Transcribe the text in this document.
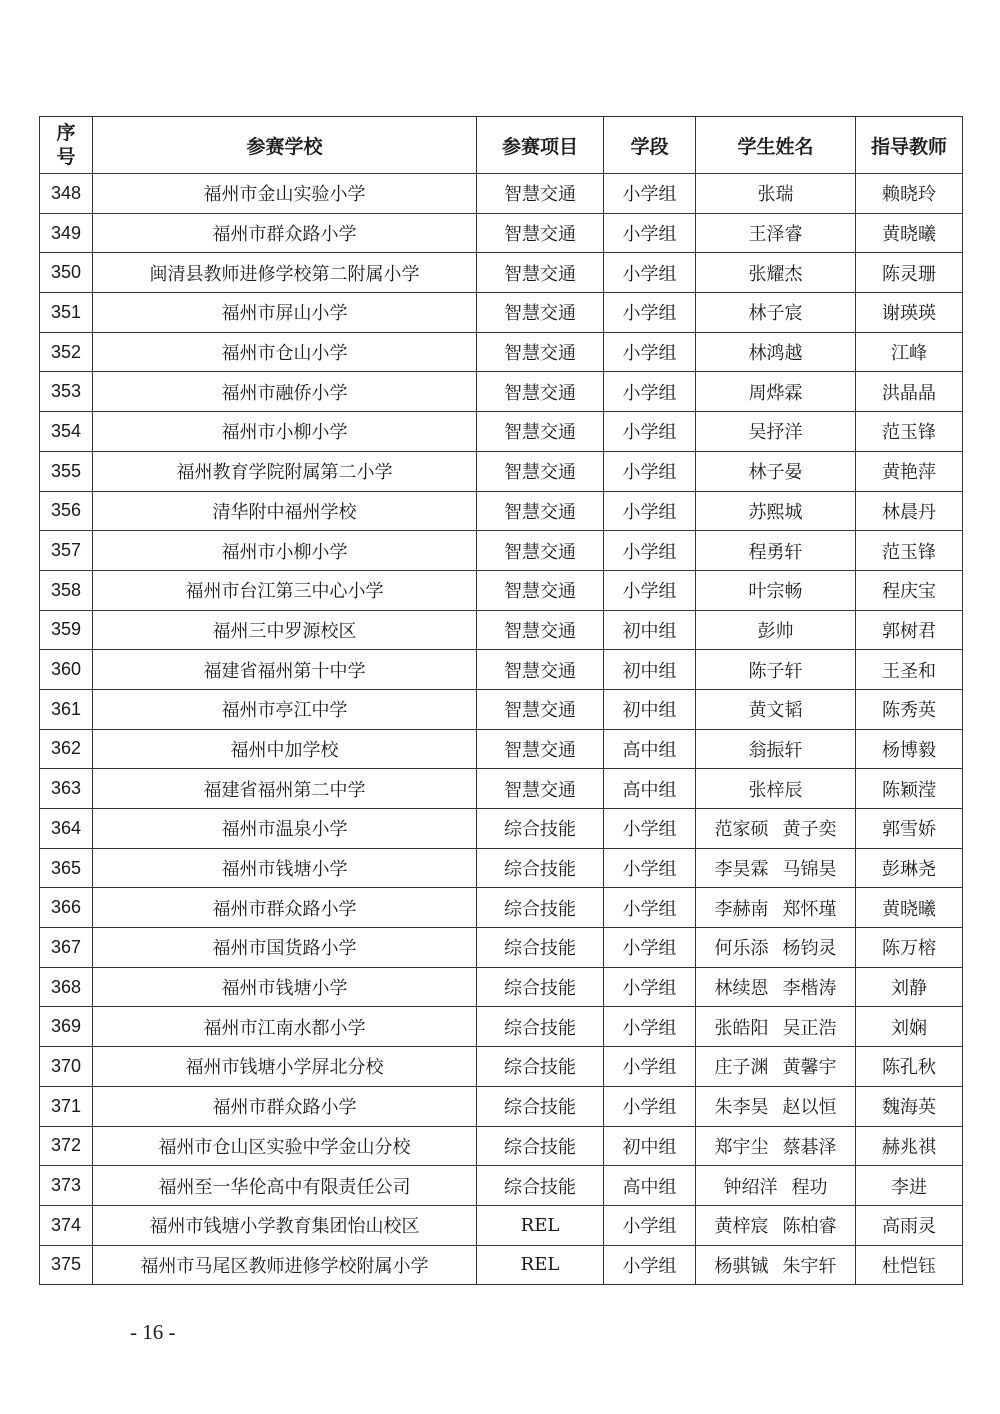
序
号	参赛学校	参赛项目	学段	学生姓名	指导教师
348	福州市金山实验小学	智慧交通	小学组	张瑞	赖晓玲
349	福州市群众路小学	智慧交通	小学组	王泽睿	黄晓曦
350	闽清县教师进修学校第二附属小学	智慧交通	小学组	张耀杰	陈灵珊
351	福州市屏山小学	智慧交通	小学组	林子宸	谢瑛瑛
352	福州市仓山小学	智慧交通	小学组	林鸿越	江峰
353	福州市融侨小学	智慧交通	小学组	周烨霖	洪晶晶
354	福州市小柳小学	智慧交通	小学组	吴抒洋	范玉锋
355	福州教育学院附属第二小学	智慧交通	小学组	林子晏	黄艳萍
356	清华附中福州学校	智慧交通	小学组	苏熙城	林晨丹
357	福州市小柳小学	智慧交通	小学组	程勇轩	范玉锋
358	福州市台江第三中心小学	智慧交通	小学组	叶宗畅	程庆宝
359	福州三中罗源校区	智慧交通	初中组	彭帅	郭树君
360	福建省福州第十中学	智慧交通	初中组	陈子轩	王圣和
361	福州市亭江中学	智慧交通	初中组	黄文韬	陈秀英
362	福州中加学校	智慧交通	高中组	翁振轩	杨博毅
363	福建省福州第二中学	智慧交通	高中组	张梓辰	陈颖滢
364	福州市温泉小学	综合技能	小学组	范家硕 黄子奕	郭雪娇
365	福州市钱塘小学	综合技能	小学组	李昊霖 马锦昊	彭琳尧
366	福州市群众路小学	综合技能	小学组	李赫南 郑怀瑾	黄晓曦
367	福州市国货路小学	综合技能	小学组	何乐添 杨钧灵	陈万榕
368	福州市钱塘小学	综合技能	小学组	林续恩 李楷涛	刘静
369	福州市江南水都小学	综合技能	小学组	张皓阳 吴正浩	刘娴
370	福州市钱塘小学屏北分校	综合技能	小学组	庄子渊 黄馨宇	陈孔秋
371	福州市群众路小学	综合技能	小学组	朱李昊 赵以恒	魏海英
372	福州市仓山区实验中学金山分校	综合技能	初中组	郑宇尘 蔡碁泽	赫兆祺
373	福州至一华伦高中有限责任公司	综合技能	高中组	钟绍洋 程功	李进
374	福州市钱塘小学教育集团怡山校区	REL	小学组	黄梓宸 陈柏睿	高雨灵
375	福州市马尾区教师进修学校附属小学	REL	小学组	杨骐铖 朱宇轩	杜恺钰
- 16 -
